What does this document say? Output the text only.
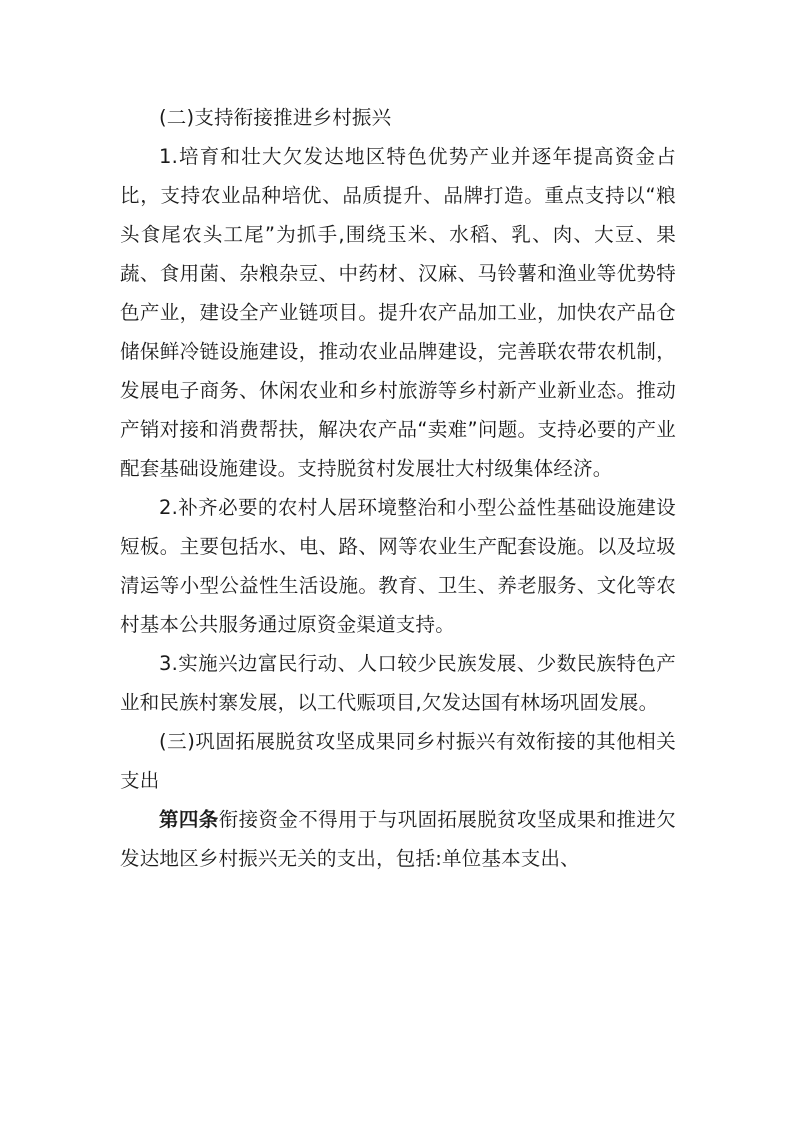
(二)支持衔接推进乡村振兴

1.培育和壮大欠发达地区特色优势产业并逐年提高资金占比，支持农业品种培优、品质提升、品牌打造。重点支持以“粮头食尾农头工尾”为抓手,围绕玉米、水稻、乳、肉、大豆、果蔬、食用菌、杂粮杂豆、中药材、汉麻、马铃薯和渔业等优势特色产业，建设全产业链项目。提升农产品加工业，加快农产品仓储保鲜冷链设施建设，推动农业品牌建设，完善联农带农机制，发展电子商务、休闲农业和乡村旅游等乡村新产业新业态。推动产销对接和消费帮扶，解决农产品“卖难”问题。支持必要的产业配套基础设施建设。支持脱贫村发展壮大村级集体经济。

2.补齐必要的农村人居环境整治和小型公益性基础设施建设短板。主要包括水、电、路、网等农业生产配套设施。以及垃圾清运等小型公益性生活设施。教育、卫生、养老服务、文化等农村基本公共服务通过原资金渠道支持。

3.实施兴边富民行动、人口较少民族发展、少数民族特色产业和民族村寨发展，以工代赈项目,欠发达国有林场巩固发展。

(三)巩固拓展脱贫攻坚成果同乡村振兴有效衔接的其他相关支出

第四条衔接资金不得用于与巩固拓展脱贫攻坚成果和推进欠发达地区乡村振兴无关的支出，包括:单位基本支出、
